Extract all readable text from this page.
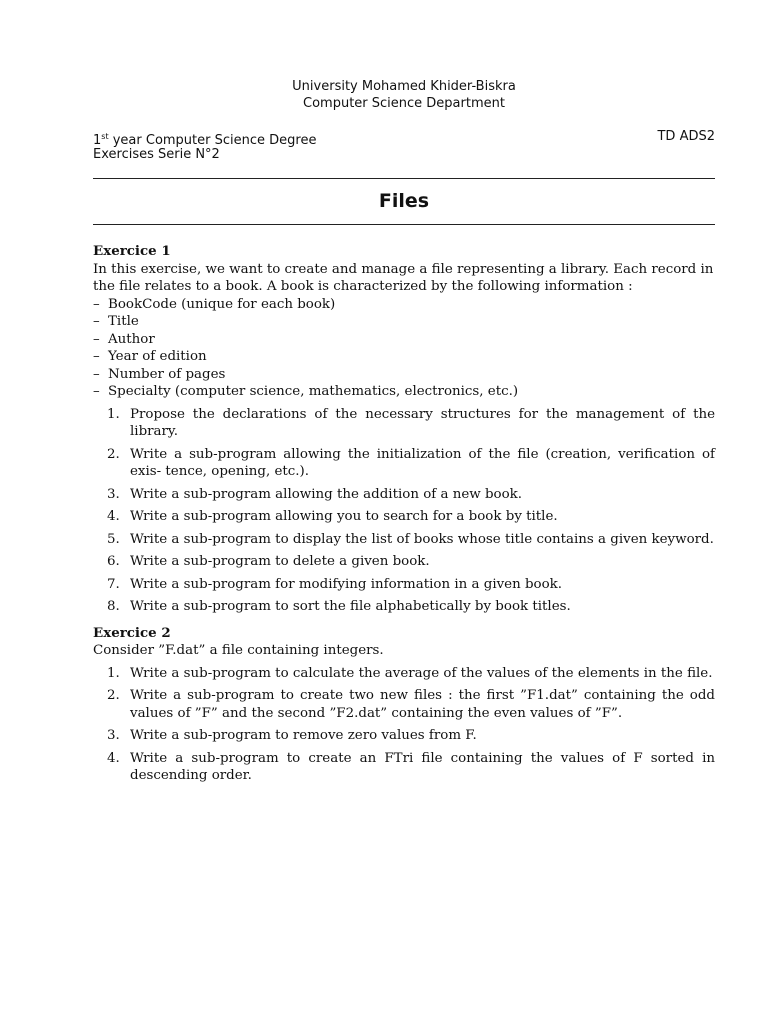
University Mohamed Khider-Biskra
Computer Science Department
1st year Computer Science Degree
Exercises Serie N°2
TD ADS2
Files

Exercice 1

In this exercise, we want to create and manage a file representing a library. Each record in the file relates to a book. A book is characterized by the following information :

– BookCode (unique for each book)
– Title
– Author
– Year of edition
– Number of pages
– Specialty (computer science, mathematics, electronics, etc.)
1. Propose the declarations of the necessary structures for the management of the library.
2. Write a sub-program allowing the initialization of the file (creation, verification of exis- tence, opening, etc.).
3. Write a sub-program allowing the addition of a new book.
4. Write a sub-program allowing you to search for a book by title.
5. Write a sub-program to display the list of books whose title contains a given keyword.
6. Write a sub-program to delete a given book.
7. Write a sub-program for modifying information in a given book.
8. Write a sub-program to sort the file alphabetically by book titles.

Exercice 2

Consider ”F.dat” a file containing integers.

1. Write a sub-program to calculate the average of the values of the elements in the file.
2. Write a sub-program to create two new files : the first ”F1.dat” containing the odd values of ”F” and the second ”F2.dat” containing the even values of ”F”.
3. Write a sub-program to remove zero values from F.
4. Write a sub-program to create an FTri file containing the values of F sorted in descending order.
